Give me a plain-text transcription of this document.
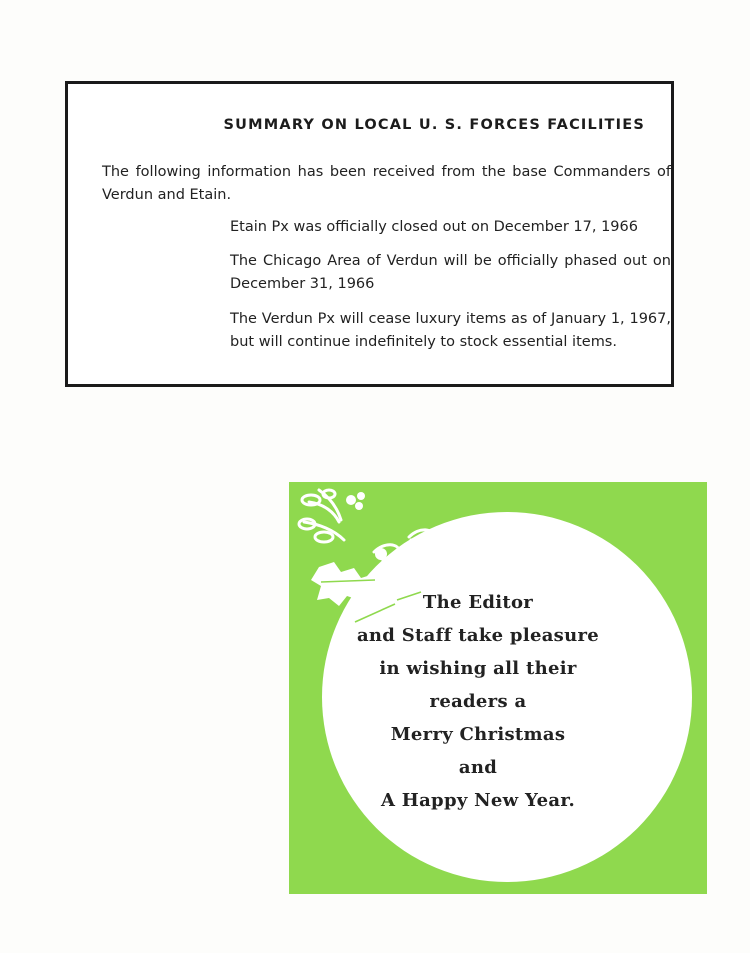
SUMMARY ON LOCAL U. S. FORCES FACILITIES
The following information has been received from the base Commanders of Verdun and Etain.
Etain Px was officially closed out on December 17, 1966
The Chicago Area of Verdun will be officially phased out on December 31, 1966
The Verdun Px will cease luxury items as of January 1, 1967, but will continue indefinitely to stock essential items.
The Editor
and Staff take pleasure
in wishing all their
readers a
Merry Christmas
and
A Happy New Year.
